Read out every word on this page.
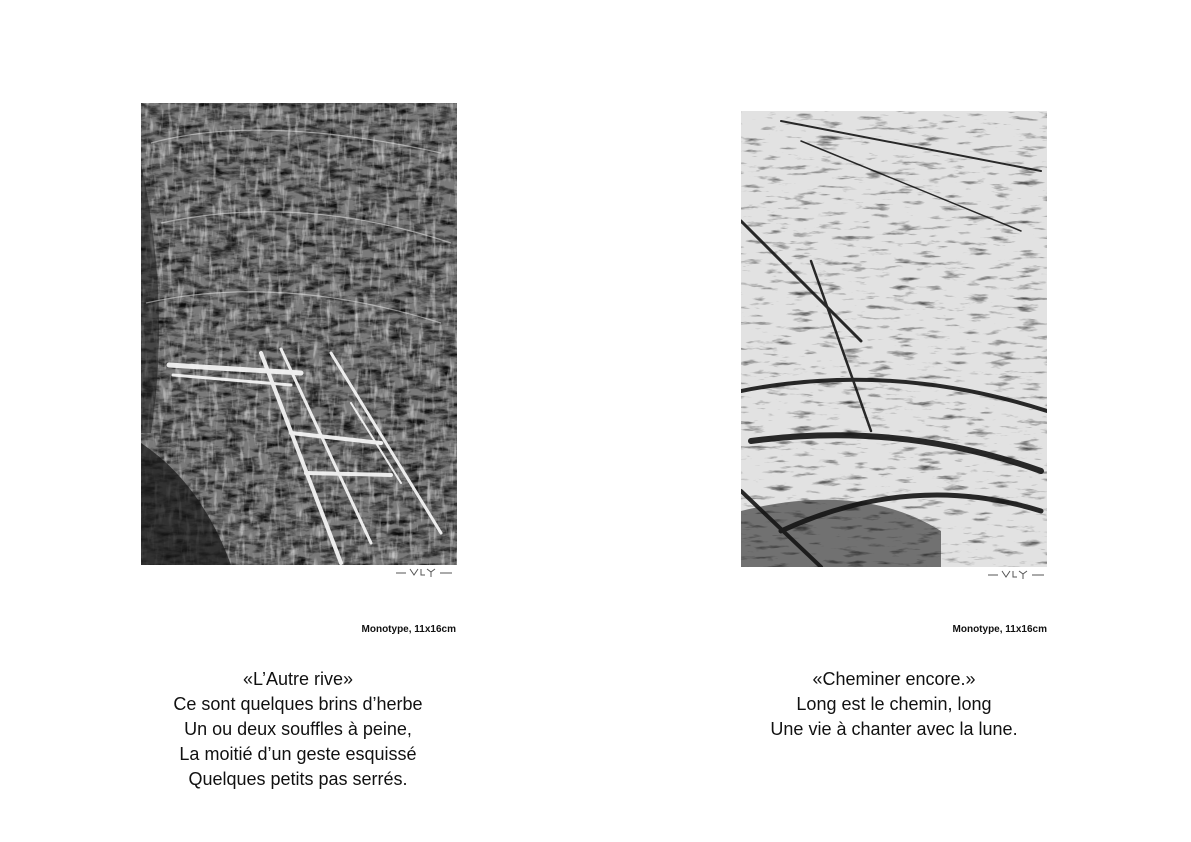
Monotype, 11x16cm
«L’Autre rive»
Ce sont quelques brins d’herbe
Un ou deux souffles à peine,
La moitié d’un geste esquissé
Quelques petits pas serrés.
Monotype, 11x16cm
«Cheminer encore.»
Long est le chemin, long
Une vie à chanter avec la lune.
